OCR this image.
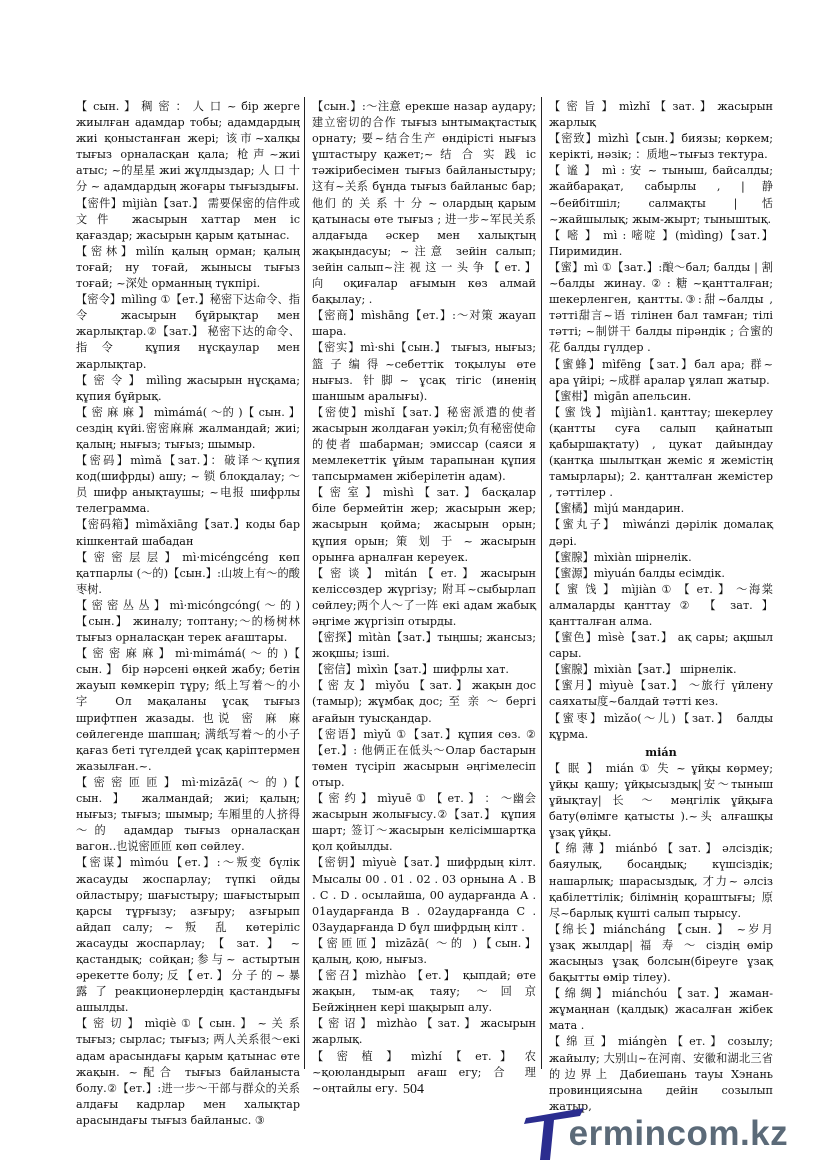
【 сын. 】 稠 密 ： 人 口 ~ бір жерге жиылған адамдар тобы; адамдардың жиі қоныстанған жері; 该市~халқы тығыз орналасқан қала; 枪声~жиі атыс; ~的星星 жиі жұлдыздар; 人 口 十 分 ~ адамдардың жоғары тығыздығы.

【密件】mìjiàn【зат.】 需要保密的信件或文件 жасырын хаттар мен іс қағаздар; жасырын қарым қатынас.

【密林】mìlín қалың орман; қалың тоғай; ну тоғай, жынысы тығыз тоғай; ~深处 орманның түкпірі.

【密令】mìlìng ①【ет.】秘密下达命令、指令 жасырын бұйрықтар мен жарлықтар.②【зат.】 秘密下达的命令、指令 құпия нұсқаулар мен жарлықтар.

【 密 令 】 mìlìng жасырын нұсқама; құпия бұйрық.

【 密 麻 麻 】 mìmámá( ～的 )【 сын. 】 сездің күйі.密密麻麻 жалмандай; жиі; қалың; нығыз; тығыз; шымыр.

【密码】mìmǎ【зат.】：破译～құпия код(шифрды) ашу; ~ 锁 блоқдалау; ～员 шифр анықтаушы; ~电报 шифрлы телеграмма.

【密码箱】mìmǎxiāng【зат.】коды бар кішкентай шабадан

【密密层层】mì·micéngcéng көп қатпарлы (～的)【сын.】:山坡上有～的酸枣树.

【 密 密 丛 丛 】 mì·micóngcóng( ～ 的 )【сын.】 жиналу; топтану;～的杨树林 тығыз орналасқан терек ағаштары.

【 密 密 麻 麻 】 mì·mimámá( ～ 的 )【 сын. 】 бір нәрсені өңкей жабу; бетін жауып көмкеріп тұру; 纸上写着～的小字 Ол мақаланы ұсақ тығыз шрифтпен жазады. 也说 密 麻 麻 сөйлегенде шапшаң; 满纸写着～的小子 қағаз беті түгелдей ұсақ қаріптермен жазылған.~.

【 密 密 匝 匝 】 mì·mizāzā( ～ 的 )【 сын. 】 жалмандай; жиі; қалың; нығыз; тығыз; шымыр; 车厢里的人挤得～的 адамдар тығыз орналасқан вагон..也说密匝匝 көп сөйлеу.

【密谋】mìmóu【ет.】:～叛变 бүлік жасауды жоспарлау; түпкі ойды ойластыру; шағыстыру; шағыстырып қарсы тұрғызу; азғыру; азғырып айдап салу; ~ 叛 乱 көтеріліс жасауды жоспарлау; 【 зат. 】 ~ қастандық; сойқан;参与~ астыртын әрекетте болу; 反 【 ет. 】 分 子 的 ~ 暴 露 了 реакционерлердің қастандығы ашылды.

【 密 切 】 mìqiè ①【 сын. 】 ~ 关 系 тығыз; сырлас; тығыз; 两人关系很～екі адам арасындағы қарым қатынас өте жақын. ~配合 тығыз байланыста болу.②【ет.】:进一步～干部与群众的关系 алдағы кадрлар мен халықтар арасындағы тығыз байланыс. ③

【сын.】:～注意 ерекше назар аудару; 建立密切的合作 тығыз ынтымақтастық орнату; 要~结合生产 өндірісті нығыз ұштастыру қажет;~ 结 合 实 践 іс тәжірибесімен тығыз байланыстыру; 这有~关系 бұнда тығыз байланыс бар; 他们 的 关 系 十 分 ~ олардың қарым қатынасы өте тығыз ; 进一步~军民关系 алдағыда әскер мен халықтың жақындасуы; ~注意 зейін салып; зейін салып~注 视 这 一 头 争 【 ет. 】 向 оқиғалар ағымын көз алмай бақылау; .

【密商】mìshāng【ет.】:～对策 жауап шара.

【密实】mì·shi【сын.】 тығыз, нығыз; 篮子编得~себеттік тоқылуы өте нығыз. 针脚~ ұсақ тігіс (иненің шаншым аралығы).

【密使】mìshǐ【зат.】秘密派遣的使者 жасырын жолдаған уәкіл;负有秘密使命的使者 шабарман; эмиссар (саяси я мемлекеттік ұйым тарапынан құпия тапсырмамен жіберілетін адам).

【 密 室 】 mìshì 【 зат. 】 басқалар біле бермейтін жер; жасырын жер; жасырын қойма; жасырын орын; құпия орын; 策 划 于 ~ жасырын орынға арналған кереуек.

【 密 谈 】 mìtán 【 ет. 】 жасырын келіссөздер жүргізу; 附耳~сыбырлап сөйлеу;两个人～了一阵 екі адам жабық әңгіме жүргізіп отырды.

【密探】mìtàn【зат.】тыңшы; жансыз; жоқшы; ізші.

【密信】mìxìn【зат.】шифрлы хат.

【 密 友 】 mìyǒu 【 зат. 】 жақын дос (тамыр); жұмбақ дос; 至 亲 ～ бергі ағайын туысқандар.

【密语】mìyǔ ①【зат.】құпия сөз. ②【ет.】: 他俩正在低头～Олар бастарын төмен түсіріп жасырын әңгімелесіп отыр.

【 密 约 】 mìyuē ① 【 ет. 】 ： ～幽会 жасырын жолығысу.②【зат.】 құпия шарт; 签订～жасырын келісімшартқа қол қойылды.

【密钥】mìyuè【зат.】шифрдың кілт. Мысалы 00 . 01 . 02 . 03 орнына A . B . C . D . осылайша, 00 аударғанда A . 01аударғанда B . 02аударғанда C . 03аударғанда D бұл шифрдың кілт .

【密匝匝】mìzāzā( ～的 )【сын.】 қалың, қою, нығыз.

【密召】mìzhào 【ет.】 қыпдай; өте жақын, тым-ақ таяу; ～回京 Бейжіңнен кері шақырып алу.

【 密 诏 】 mìzhào 【 зат. 】 жасырын жарлық.

【 密 植 】 mìzhí 【 ет. 】 农 ~қоюландырып ағаш егу; 合 理 ~оңтайлы егу.

【 密 旨 】 mìzhǐ 【 зат. 】 жасырын жарлық

【密致】mìzhì【сын.】биязы; көркем; керікті, нәзік; ：质地~тығыз тектура.

【 谧 】 mì : 安 ~ тыныш, байсалды; жайбарақат, сабырлы , |静~бейбітшіл; салмақты |恬~жайшылық; жым-жырт; тыныштық.

【 嘧 】 mì : 嘧啶 】(mìdìng)【зат.】 Пиримидин.

【蜜】mì ①【зат.】:酿～бал; балды | 割~балды жинау.②:糖~қантталған; шекерленген, қантты.③:甜~балды , тәтті甜言~语 тілінен бал тамған; тілі тәтті; ~制饼干 балды пірәндік ; 合蜜的花 балды гүлдер .

【蜜蜂】mìfēng【зат.】бал ара; 群~ ара үйірі; ~成群 аралар ұялап жатыр.

【蜜柑】mìgān апельсин.

【 蜜 饯 】 mìjiàn1. қанттау; шекерлеу (қантты суға салып қайнатып қабыршақтату) , цукат дайындау (қантқа шылытқан жеміс я жемістің тамырлары); 2. қантталған жемістер , тәттілер .

【蜜橘】mìjú мандарин.

【蜜丸子】 mìwánzi дәрілік домалақ дәрі.

【蜜腺】mìxiàn шірнелік.

【蜜源】mìyuán балды есімдік.

【 蜜 饯 】 mìjiàn ① 【 ет. 】 ～海棠 алмаларды қанттау ② 【 зат. 】 қантталған алма.

【蜜色】mìsè【зат.】 ақ сары; ақшыл сары.

【蜜腺】mìxiàn【зат.】 шірнелік.

【蜜月】mìyuè【зат.】 ～旅行 үйлену саяхаты度~балдай тәтті кез.

【蜜枣】mìzǎo(～儿)【зат.】 балды құрма.

mián

【 眠 】 mián ① 失 ~ ұйқы көрмеу; ұйқы қашу; ұйқысыздық|安～тыныш ұйықтау| 长 ～ мәңгілік ұйқыға бату(өлімге қатысты ).~头 алғашқы ұзақ ұйқы.

【 绵 薄 】 miánbó 【 зат. 】 әлсіздік; баяулық, босаңдық; күшсіздік; нашарлық; шарасыздық, 才力~ әлсіз қабілеттілік; білімнің қораштығы; 原尽~барлық күшті салып тырысу.

【绵长】miáncháng 【сын. 】 ~岁月 ұзақ жылдар| 福 寿 ～ сіздің өмір жасыңыз ұзақ болсын(біреуге ұзақ бақытты өмір тілеу).

【 绵 绸 】 miánchóu 【 зат. 】 жаман-жұмаңнан (қалдық) жасалған жібек мата .

【 绵 亘 】 miángèn 【 ет. 】 созылу; жайылу; 大别山~在河南、安徽和湖北三省的边界上 Дабиешань тауы Хэнань провинциясына дейін созылып жатыр,

504
ermincom.kz
